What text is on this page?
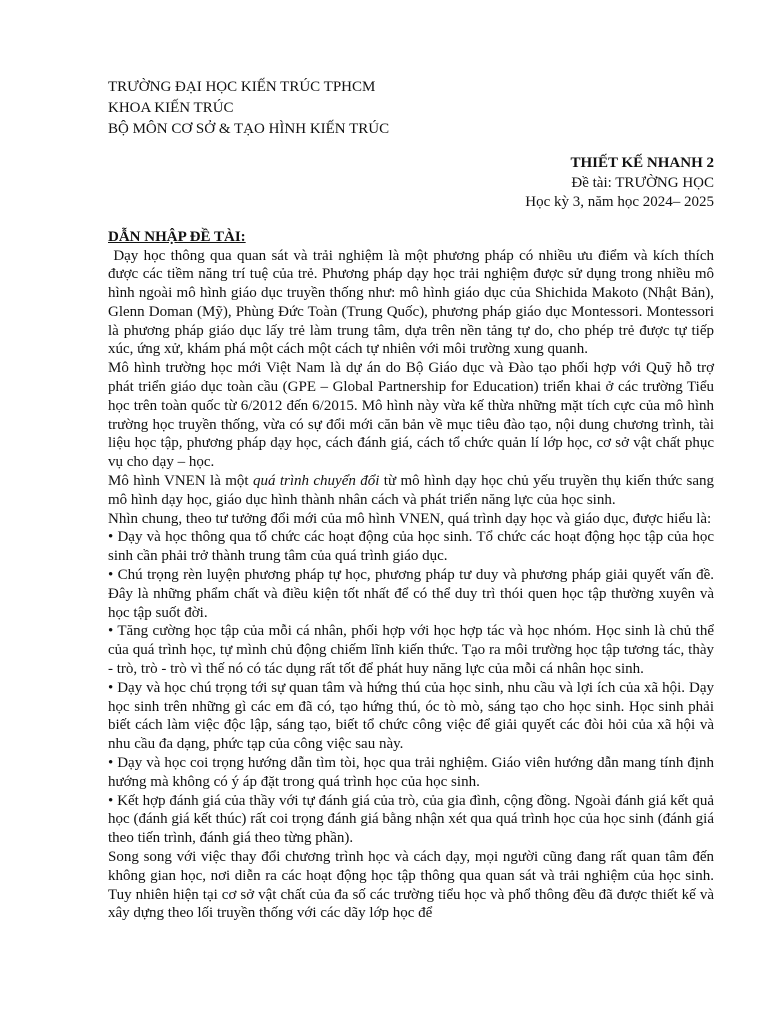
TRƯỜNG ĐẠI HỌC KIẾN TRÚC TPHCM
KHOA KIẾN TRÚC
BỘ MÔN CƠ SỞ & TẠO HÌNH KIẾN TRÚC
THIẾT KẾ NHANH 2
Đề tài: TRƯỜNG HỌC
Học kỳ 3, năm học 2024– 2025
DẪN NHẬP ĐỀ TÀI:

Dạy học thông qua quan sát và trải nghiệm là một phương pháp có nhiều ưu điểm và kích thích được các tiềm năng trí tuệ của trẻ. Phương pháp dạy học trải nghiệm được sử dụng trong nhiều mô hình ngoài mô hình giáo dục truyền thống như: mô hình giáo dục của Shichida Makoto (Nhật Bản), Glenn Doman (Mỹ), Phùng Đức Toàn (Trung Quốc), phương pháp giáo dục Montessori. Montessori là phương pháp giáo dục lấy trẻ làm trung tâm, dựa trên nền tảng tự do, cho phép trẻ được tự tiếp xúc, ứng xử, khám phá một cách một cách tự nhiên với môi trường xung quanh.

Mô hình trường học mới Việt Nam là dự án do Bộ Giáo dục và Đào tạo phối hợp với Quỹ hỗ trợ phát triển giáo dục toàn cầu (GPE – Global Partnership for Education) triển khai ở các trường Tiểu học trên toàn quốc từ 6/2012 đến 6/2015. Mô hình này vừa kế thừa những mặt tích cực của mô hình trường học truyền thống, vừa có sự đổi mới căn bản về mục tiêu đào tạo, nội dung chương trình, tài liệu học tập, phương pháp dạy học, cách đánh giá, cách tổ chức quản lí lớp học, cơ sở vật chất phục vụ cho dạy – học.

Mô hình VNEN là một quá trình chuyển đổi từ mô hình dạy học chủ yếu truyền thụ kiến thức sang mô hình dạy học, giáo dục hình thành nhân cách và phát triển năng lực của học sinh.

Nhìn chung, theo tư tưởng đổi mới của mô hình VNEN, quá trình dạy học và giáo dục, được hiểu là:

• Dạy và học thông qua tổ chức các hoạt động của học sinh. Tổ chức các hoạt động học tập của học sinh cần phải trở thành trung tâm của quá trình giáo dục.

• Chú trọng rèn luyện phương pháp tự học, phương pháp tư duy và phương pháp giải quyết vấn đề. Đây là những phẩm chất và điều kiện tốt nhất để có thể duy trì thói quen học tập thường xuyên và học tập suốt đời.

• Tăng cường học tập của mỗi cá nhân, phối hợp với học hợp tác và học nhóm. Học sinh là chủ thể của quá trình học, tự mình chủ động chiếm lĩnh kiến thức. Tạo ra môi trường học tập tương tác, thày - trò, trò - trò vì thế nó có tác dụng rất tốt để phát huy năng lực của mỗi cá nhân học sinh.

• Dạy và học chú trọng tới sự quan tâm và hứng thú của học sinh, nhu cầu và lợi ích của xã hội. Dạy học sinh trên những gì các em đã có, tạo hứng thú, óc tò mò, sáng tạo cho học sinh. Học sinh phải biết cách làm việc độc lập, sáng tạo, biết tổ chức công việc để giải quyết các đòi hỏi của xã hội và nhu cầu đa dạng, phức tạp của công việc sau này.

• Dạy và học coi trọng hướng dẫn tìm tòi, học qua trải nghiệm. Giáo viên hướng dẫn mang tính định hướng mà không có ý áp đặt trong quá trình học của học sinh.

• Kết hợp đánh giá của thầy với tự đánh giá của trò, của gia đình, cộng đồng. Ngoài đánh giá kết quả học (đánh giá kết thúc) rất coi trọng đánh giá bằng nhận xét qua quá trình học của học sinh (đánh giá theo tiến trình, đánh giá theo từng phần).

Song song với việc thay đổi chương trình học và cách dạy, mọi người cũng đang rất quan tâm đến không gian học, nơi diễn ra các hoạt động học tập thông qua quan sát và trải nghiệm của học sinh. Tuy nhiên hiện tại cơ sở vật chất của đa số các trường tiểu học và phổ thông đều đã được thiết kế và xây dựng theo lối truyền thống với các dãy lớp học để
